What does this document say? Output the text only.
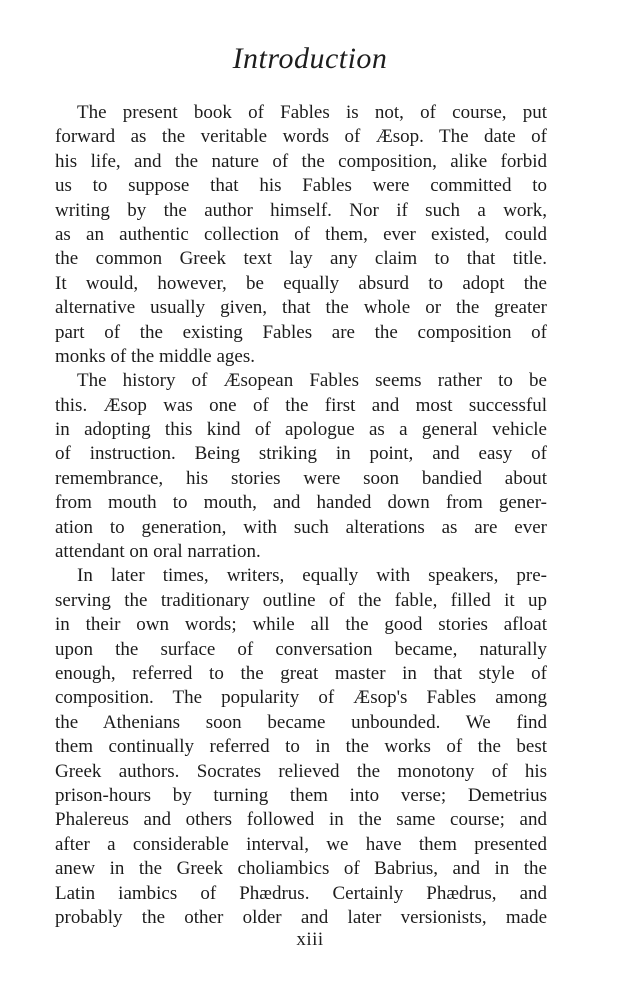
Introduction
The present book of Fables is not, of course, put
forward as the veritable words of Æsop. The date of
his life, and the nature of the composition, alike forbid
us to suppose that his Fables were committed to
writing by the author himself. Nor if such a work,
as an authentic collection of them, ever existed, could
the common Greek text lay any claim to that title.
It would, however, be equally absurd to adopt the
alternative usually given, that the whole or the greater
part of the existing Fables are the composition of
monks of the middle ages.
The history of Æsopean Fables seems rather to be
this. Æsop was one of the first and most successful
in adopting this kind of apologue as a general vehicle
of instruction. Being striking in point, and easy of
remembrance, his stories were soon bandied about
from mouth to mouth, and handed down from gener-
ation to generation, with such alterations as are ever
attendant on oral narration.
In later times, writers, equally with speakers, pre-
serving the traditionary outline of the fable, filled it up
in their own words; while all the good stories afloat
upon the surface of conversation became, naturally
enough, referred to the great master in that style of
composition. The popularity of Æsop's Fables among
the Athenians soon became unbounded. We find
them continually referred to in the works of the best
Greek authors. Socrates relieved the monotony of his
prison-hours by turning them into verse; Demetrius
Phalereus and others followed in the same course; and
after a considerable interval, we have them presented
anew in the Greek choliambics of Babrius, and in the
Latin iambics of Phædrus. Certainly Phædrus, and
probably the other older and later versionists, made
xiii
